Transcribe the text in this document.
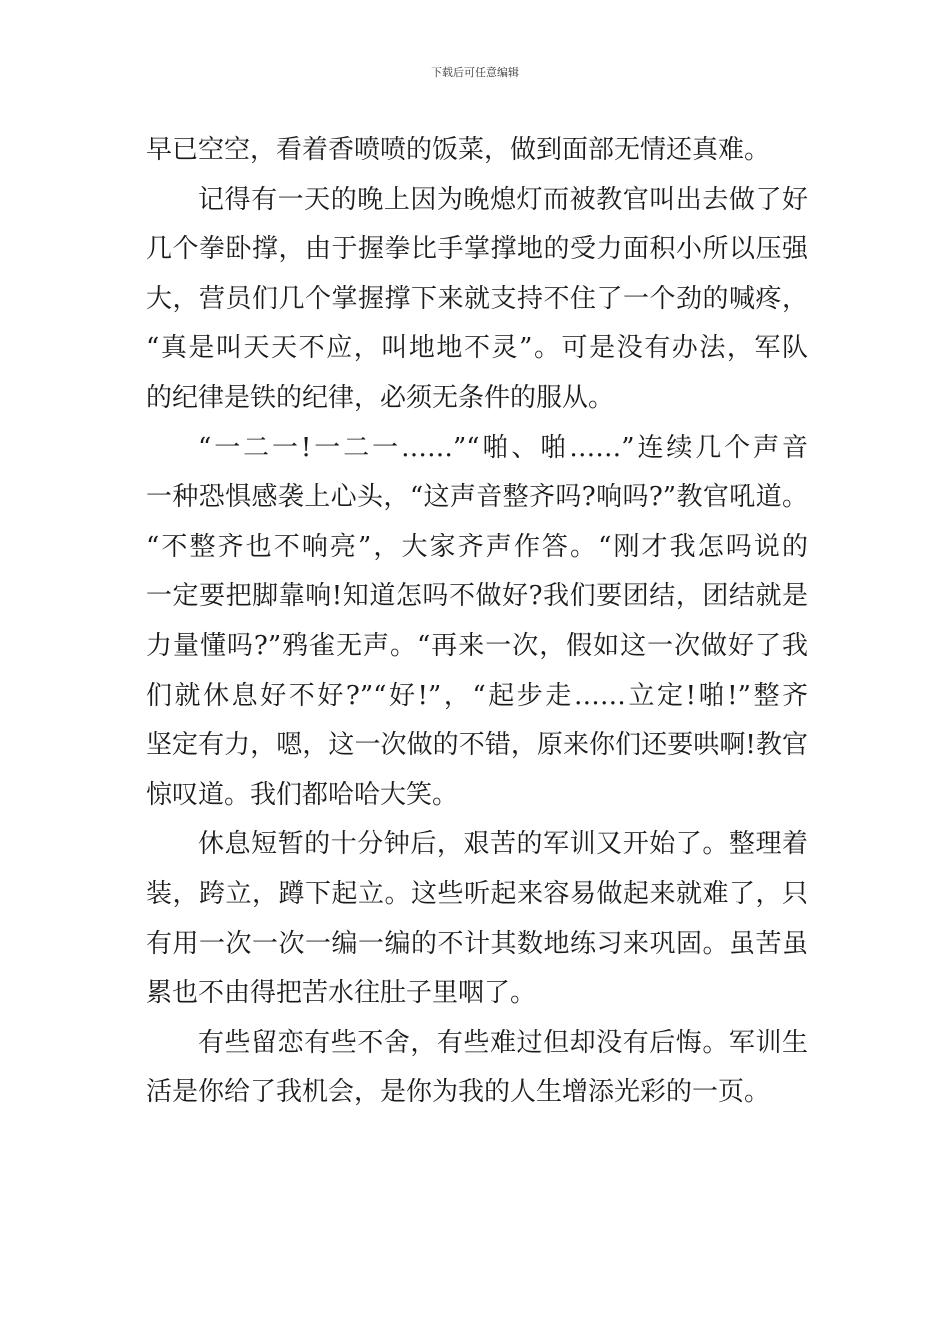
下载后可任意编辑
早已空空，看着香喷喷的饭菜，做到面部无情还真难。
记得有一天的晚上因为晚熄灯而被教官叫出去做了好
几个拳卧撑，由于握拳比手掌撑地的受力面积小所以压强
大，营员们几个掌握撑下来就支持不住了一个劲的喊疼，
“真是叫天天不应，叫地地不灵”。可是没有办法，军队
的纪律是铁的纪律，必须无条件的服从。
“一二一!一二一……”“啪、啪……”连续几个声音
一种恐惧感袭上心头，“这声音整齐吗?响吗?”教官吼道。
“不整齐也不响亮”，大家齐声作答。“刚才我怎吗说的
一定要把脚靠响!知道怎吗不做好?我们要团结，团结就是
力量懂吗?”鸦雀无声。“再来一次，假如这一次做好了我
们就休息好不好?”“好!”，“起步走……立定!啪!”整齐
坚定有力，嗯，这一次做的不错，原来你们还要哄啊!教官
惊叹道。我们都哈哈大笑。
休息短暂的十分钟后，艰苦的军训又开始了。整理着
装，跨立，蹲下起立。这些听起来容易做起来就难了，只
有用一次一次一编一编的不计其数地练习来巩固。虽苦虽
累也不由得把苦水往肚子里咽了。
有些留恋有些不舍，有些难过但却没有后悔。军训生
活是你给了我机会，是你为我的人生增添光彩的一页。
